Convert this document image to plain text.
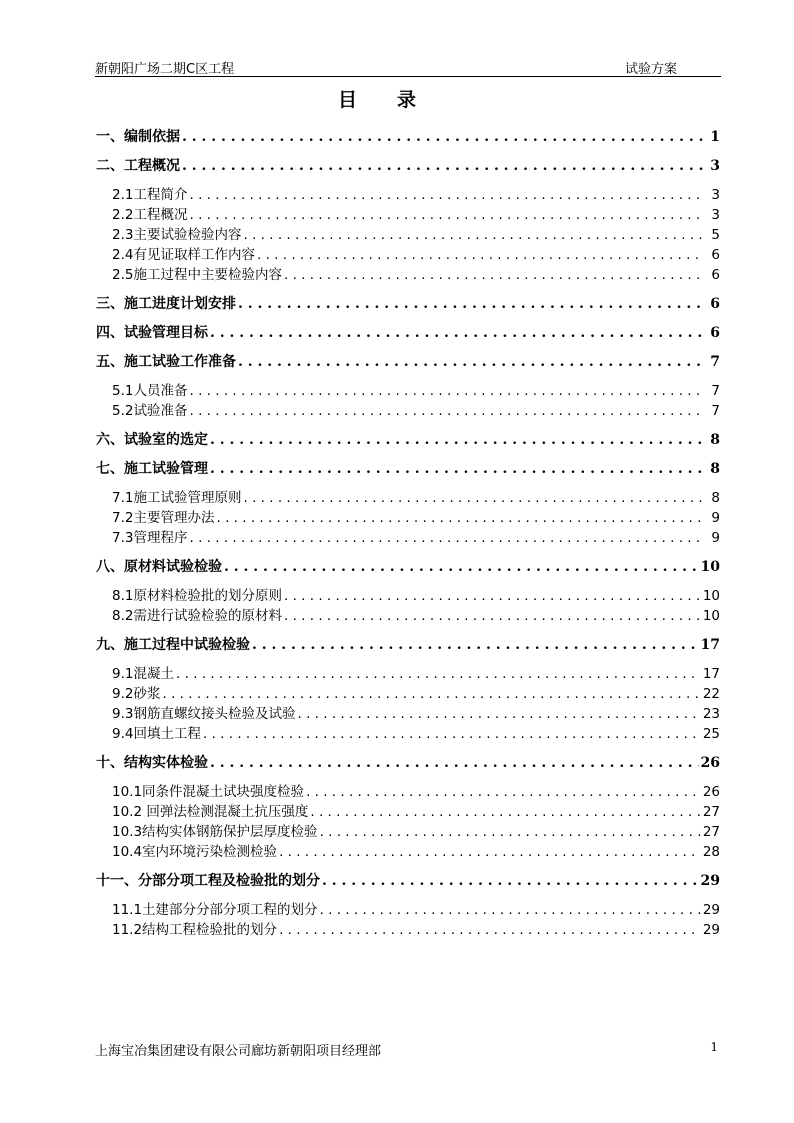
新朝阳广场二期C区工程	试验方案
目录
一、编制依据 . . .	1
二、工程概况 . . .	3
2.1工程简介 . . .	3
2.2工程概况 . . .	3
2.3主要试验检验内容 . . .	5
2.4有见证取样工作内容 . . .	6
2.5施工过程中主要检验内容 . . .	6
三、施工进度计划安排 . . .	6
四、试验管理目标 . . .	6
五、施工试验工作准备 . . .	7
5.1人员准备 . . .	7
5.2试验准备 . . .	7
六、试验室的选定 . . .	8
七、施工试验管理 . . .	8
7.1施工试验管理原则 . . .	8
7.2主要管理办法 . . .	9
7.3管理程序 . . .	9
八、原材料试验检验 . . .	10
8.1原材料检验批的划分原则 . . .	10
8.2需进行试验检验的原材料 . . .	10
九、施工过程中试验检验 . . .	17
9.1混凝土 . . .	17
9.2砂浆 . . .	22
9.3钢筋直螺纹接头检验及试验 . . .	23
9.4回填土工程 . . .	25
十、结构实体检验 . . .	26
10.1同条件混凝土试块强度检验 . . .	26
10.2 回弹法检测混凝土抗压强度 . . .	27
10.3结构实体钢筋保护层厚度检验 . . .	27
10.4室内环境污染检测检验 . . .	28
十一、分部分项工程及检验批的划分 . . .	29
11.1土建部分分部分项工程的划分 . . .	29
11.2结构工程检验批的划分 . . .	29
上海宝冶集团建设有限公司廊坊新朝阳项目经理部	1
